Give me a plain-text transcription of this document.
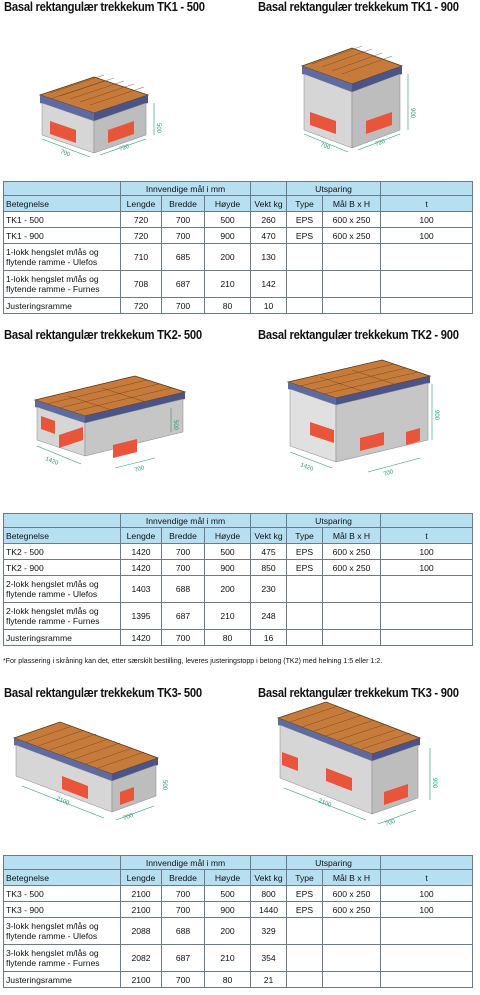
Basal rektangulær trekkekum TK1 - 500	Basal rektangulær trekkekum TK1 - 900
700
720
500
700	720
900
	Innvendige mål i mm				Utsparing		
Betegnelse	Lengde	Bredde	Høyde	Vekt kg	Type	Mål B x H	t
TK1 - 500	720	700	500	260	EPS	600 x 250	100
TK1 - 900	720	700	900	470	EPS	600 x 250	100
1-lokk hengslet m/lås og flytende ramme - Ulefos	710	685	200	130			
1-lokk hengslet m/lås og flytende ramme - Furnes	708	687	210	142			
Justeringsramme	720	700	80	10			
Basal rektangulær trekkekum TK2- 500	Basal rektangulær trekkekum TK2 - 900
1420
700
500
1420
700
900
	Innvendige mål i mm				Utsparing		
Betegnelse	Lengde	Bredde	Høyde	Vekt kg	Type	Mål B x H	t
TK2 - 500	1420	700	500	475	EPS	600 x 250	100
TK2 - 900	1420	700	900	850	EPS	600 x 250	100
2-lokk hengslet m/lås og flytende ramme - Ulefos	1403	688	200	230			
2-lokk hengslet m/lås og flytende ramme - Furnes	1395	687	210	248			
Justeringsramme	1420	700	80	16			
*For plassering i skråning kan det, etter særskilt bestilling, leveres justeringstopp i betong (TK2) med helning 1:5 eller 1:2.
Basal rektangulær trekkekum TK3- 500	Basal rektangulær trekkekum TK3 - 900
2100
700
500
2100
700
900
	Innvendige mål i mm				Utsparing		
Betegnelse	Lengde	Bredde	Høyde	Vekt kg	Type	Mål B x H	t
TK3 - 500	2100	700	500	800	EPS	600 x 250	100
TK3 - 900	2100	700	900	1440	EPS	600 x 250	100
3-lokk hengslet m/lås og flytende ramme - Ulefos	2088	688	200	329			
3-lokk hengslet m/lås og flytende ramme - Furnes	2082	687	210	354			
Justeringsramme	2100	700	80	21			
